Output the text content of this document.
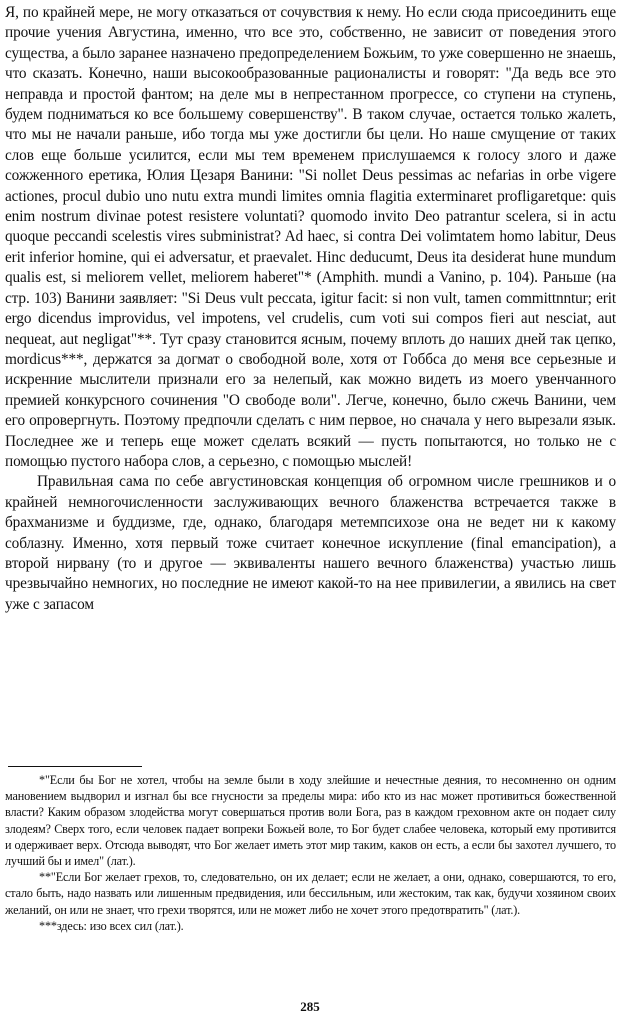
Я, по крайней мере, не могу отказаться от сочувствия к нему. Но если сюда присоединить еще прочие учения Августина, именно, что все это, собственно, не зависит от поведения этого существа, а было заранее назначено предопределением Божьим, то уже совершенно не знаешь, что сказать. Конечно, наши высокообразованные рационалисты и говорят: "Да ведь все это неправда и простой фантом; на деле мы в непрестанном прогрессе, со ступени на ступень, будем подниматься ко все большему совершенству". В таком случае, остается только жалеть, что мы не начали раньше, ибо тогда мы уже достигли бы цели. Но наше смущение от таких слов еще больше усилится, если мы тем временем прислушаемся к голосу злого и даже сожженного еретика, Юлия Цезаря Ванини: "Si nollet Deus pessimas ac nefarias in orbe vigere actiones, procul dubio uno nutu extra mundi limites omnia flagitia exterminaret profligaretque: quis enim nostrum divinae potest resistere voluntati? quomodo invito Deo patrantur scelera, si in actu quoque peccandi scelestis vires subministrat? Ad haec, si contra Dei volimtatem homo labitur, Deus erit inferior homine, qui ei adversatur, et praevalet. Hinc deducumt, Deus ita desiderat hune mundum qualis est, si meliorem vellet, meliorem haberet"* (Amphith. mundi a Vanino, p. 104). Раньше (на стр. 103) Ванини заявляет: "Si Deus vult peccata, igitur facit: si non vult, tamen committnntur; erit ergo dicendus improvidus, vel impotens, vel crudelis, cum voti sui compos fieri aut nesciat, aut nequeat, aut negligat"**. Тут сразу становится ясным, почему вплоть до наших дней так цепко, mordicus***, держатся за догмат о свободной воле, хотя от Гоббса до меня все серьезные и искренние мыслители признали его за нелепый, как можно видеть из моего увенчанного премией конкурсного сочинения "О свободе воли". Легче, конечно, было сжечь Ванини, чем его опровергнуть. Поэтому предпочли сделать с ним первое, но сначала у него вырезали язык. Последнее же и теперь еще может сделать всякий — пусть попытаются, но только не с помощью пустого набора слов, а серьезно, с помощью мыслей!

Правильная сама по себе августиновская концепция об огромном числе грешников и о крайней немногочисленности заслуживающих вечного блаженства встречается также в брахманизме и буддизме, где, однако, благодаря метемпсихозе она не ведет ни к какому соблазну. Именно, хотя первый тоже считает конечное искупление (final emancipation), а второй нирвану (то и другое — эквиваленты нашего вечного блаженства) участью лишь чрезвычайно немногих, но последние не имеют какой-то на нее привилегии, а явились на свет уже с запасом

*"Если бы Бог не хотел, чтобы на земле были в ходу злейшие и нечестные деяния, то несомненно он одним мановением выдворил и изгнал бы все гнусности за пределы мира: ибо кто из нас может противиться божественной власти? Каким образом злодейства могут совершаться против воли Бога, раз в каждом греховном акте он подает силу злодеям? Сверх того, если человек падает вопреки Божьей воле, то Бог будет слабее человека, который ему противится и одерживает верх. Отсюда выводят, что Бог желает иметь этот мир таким, каков он есть, а если бы захотел лучшего, то лучший бы и имел" (лат.).

**"Если Бог желает грехов, то, следовательно, он их делает; если не желает, а они, однако, совершаются, то его, стало быть, надо назвать или лишенным предвидения, или бессильным, или жестоким, так как, будучи хозяином своих желаний, он или не знает, что грехи творятся, или не может либо не хочет этого предотвратить" (лат.).

***здесь: изо всех сил (лат.).

285
